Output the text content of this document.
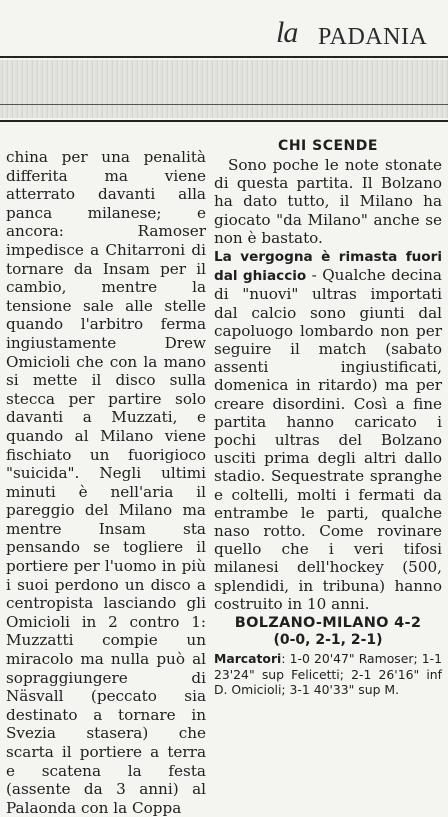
la PADANIA

china per una penalità differita ma viene atterrato davanti alla panca milanese; e ancora: Ramoser impedisce a Chitarroni di tornare da Insam per il cambio, mentre la tensione sale alle stelle quando l'arbitro ferma ingiustamente Drew Omicioli che con la mano si mette il disco sulla stecca per partire solo davanti a Muzzati, e quando al Milano viene fischiato un fuorigioco "suicida". Negli ultimi minuti è nell'aria il pareggio del Milano ma mentre Insam sta pensando se togliere il portiere per l'uomo in più i suoi perdono un disco a centropista lasciando gli Omicioli in 2 contro 1: Muzzatti compie un miracolo ma nulla può al sopraggiungere di Näsvall (peccato sia destinato a tornare in Svezia stasera) che scarta il portiere a terra e scatena la festa (assente da 3 anni) al Palaonda con la Coppa

CHI SCENDE

Sono poche le note stonate di questa partita. Il Bolzano ha dato tutto, il Milano ha giocato "da Milano" anche se non è bastato.

La vergogna è rimasta fuori dal ghiaccio - Qualche decina di "nuovi" ultras importati dal calcio sono giunti dal capoluogo lombardo non per seguire il match (sabato assenti ingiustificati, domenica in ritardo) ma per creare disordini. Così a fine partita hanno caricato i pochi ultras del Bolzano usciti prima degli altri dallo stadio. Sequestrate spranghe e coltelli, molti i fermati da entrambe le parti, qualche naso rotto. Come rovinare quello che i veri tifosi milanesi dell'hockey (500, splendidi, in tribuna) hanno costruito in 10 anni.

BOLZANO-MILANO 4-2

(0-0, 2-1, 2-1)

Marcatori: 1-0 20'47" Ramoser; 1-1 23'24" sup Felicetti; 2-1 26'16" inf D. Omicioli; 3-1 40'33" sup M.
